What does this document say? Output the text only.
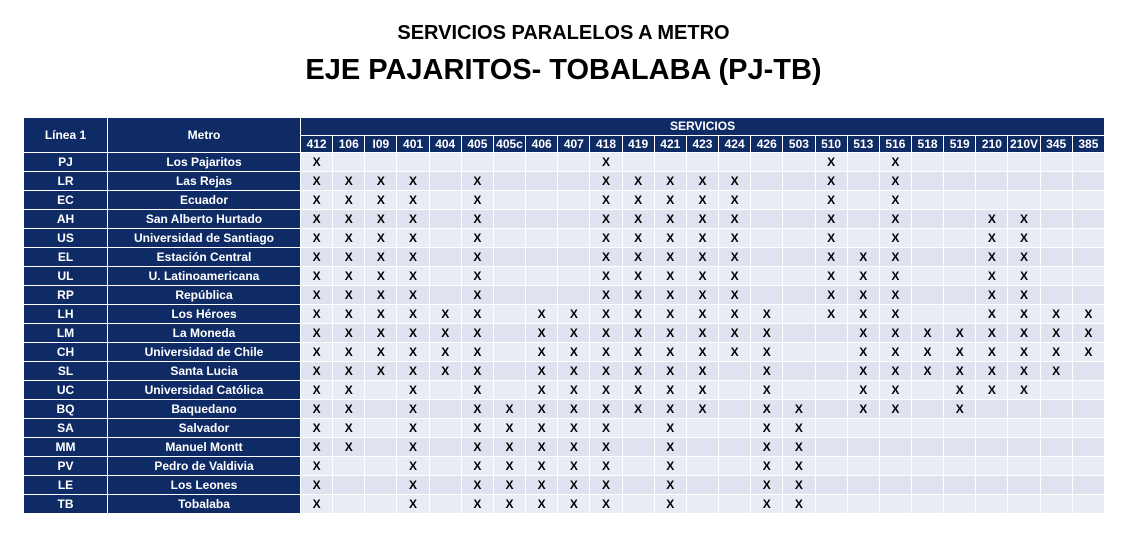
SERVICIOS PARALELOS A METRO
EJE PAJARITOS- TOBALABA (PJ-TB)
Línea 1	Metro	SERVICIOS																								
		412	106	I09	401	404	405	405c	406	407	418	419	421	423	424	426	503	510	513	516	518	519	210	210V	345	385
PJ	Los Pajaritos	X									X							X		X						
LR	Las Rejas	X	X	X	X		X				X	X	X	X	X			X		X						
EC	Ecuador	X	X	X	X		X				X	X	X	X	X			X		X						
AH	San Alberto Hurtado	X	X	X	X		X				X	X	X	X	X			X		X			X	X		
US	Universidad de Santiago	X	X	X	X		X				X	X	X	X	X			X		X			X	X		
EL	Estación Central	X	X	X	X		X				X	X	X	X	X			X	X	X			X	X		
UL	U. Latinoamericana	X	X	X	X		X				X	X	X	X	X			X	X	X			X	X		
RP	República	X	X	X	X		X				X	X	X	X	X			X	X	X			X	X		
LH	Los Héroes	X	X	X	X	X	X		X	X	X	X	X	X	X	X		X	X	X			X	X	X	X
LM	La Moneda	X	X	X	X	X	X		X	X	X	X	X	X	X	X			X	X	X	X	X	X	X	X
CH	Universidad de Chile	X	X	X	X	X	X		X	X	X	X	X	X	X	X			X	X	X	X	X	X	X	X
SL	Santa Lucia	X	X	X	X	X	X		X	X	X	X	X	X		X			X	X	X	X	X	X	X	
UC	Universidad Católica	X	X		X		X		X	X	X	X	X	X		X			X	X		X	X	X		
BQ	Baquedano	X	X		X		X	X	X	X	X	X	X	X		X	X		X	X		X				
SA	Salvador	X	X		X		X	X	X	X	X		X			X	X									
MM	Manuel Montt	X	X		X		X	X	X	X	X		X			X	X									
PV	Pedro de Valdivia	X			X		X	X	X	X	X		X			X	X									
LE	Los Leones	X			X		X	X	X	X	X		X			X	X									
TB	Tobalaba	X			X		X	X	X	X	X		X			X	X									
